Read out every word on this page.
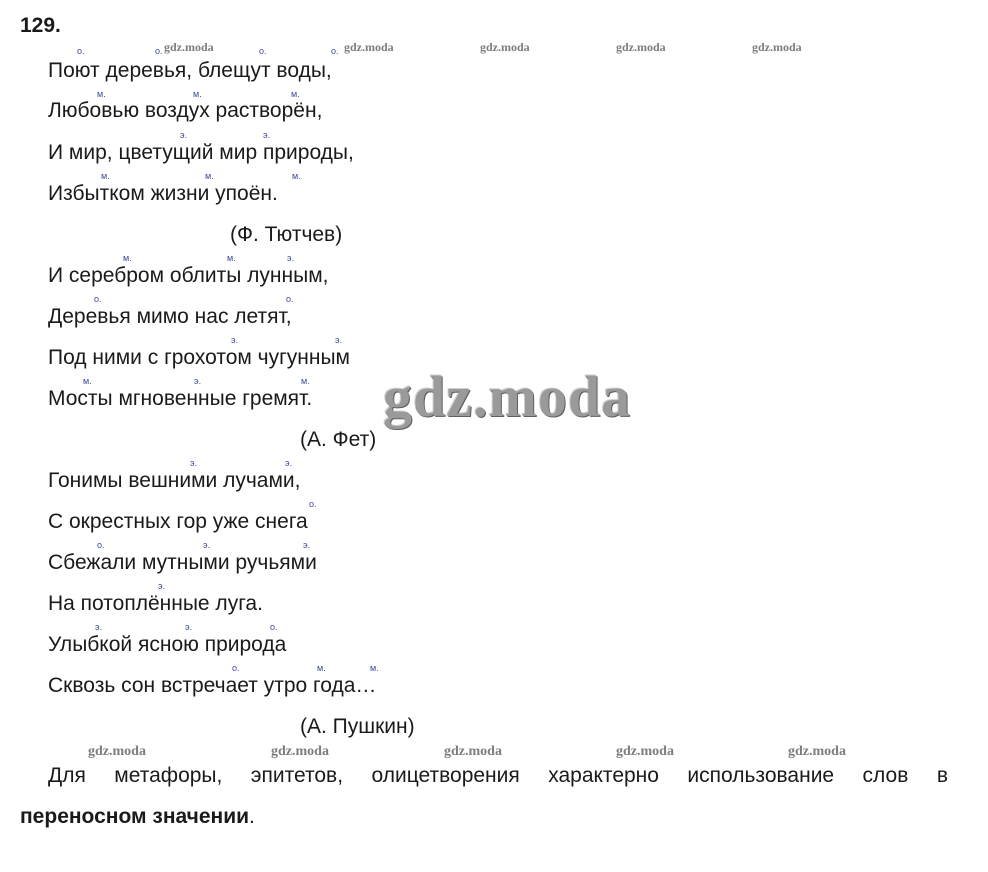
129.
gdz.moda	gdz.moda	gdz.moda	gdz.moda	gdz.moda
о.	о.	о.	о.
Поют деревья, блещут воды,
м.	м.	м.
Любовью воздух растворён,
э.	э.
И мир, цветущий мир природы,
м.	м.	м.
Избытком жизни упоён.
(Ф. Тютчев)
м.	м.	э.
И серебром облиты лунным,
о.	о.
Деревья мимо нас летят,
э.	э.
Под ними с грохотом чугунным
м.	э.	м.
Мосты мгновенные гремят.
(А. Фет)
э.	э.
Гонимы вешними лучами,
о.
С окрестных гор уже снега
о.	э.	э.
Сбежали мутными ручьями
э.
На потоплённые луга.
э.	э.	о.
Улыбкой ясною природа
о.	м.	м.
Сквозь сон встречает утро года…
(А. Пушкин)
gdz.moda
gdz.moda	gdz.moda	gdz.moda	gdz.moda	gdz.moda
Для метафоры, эпитетов, олицетворения характерно использование слов в
переносном значении.
